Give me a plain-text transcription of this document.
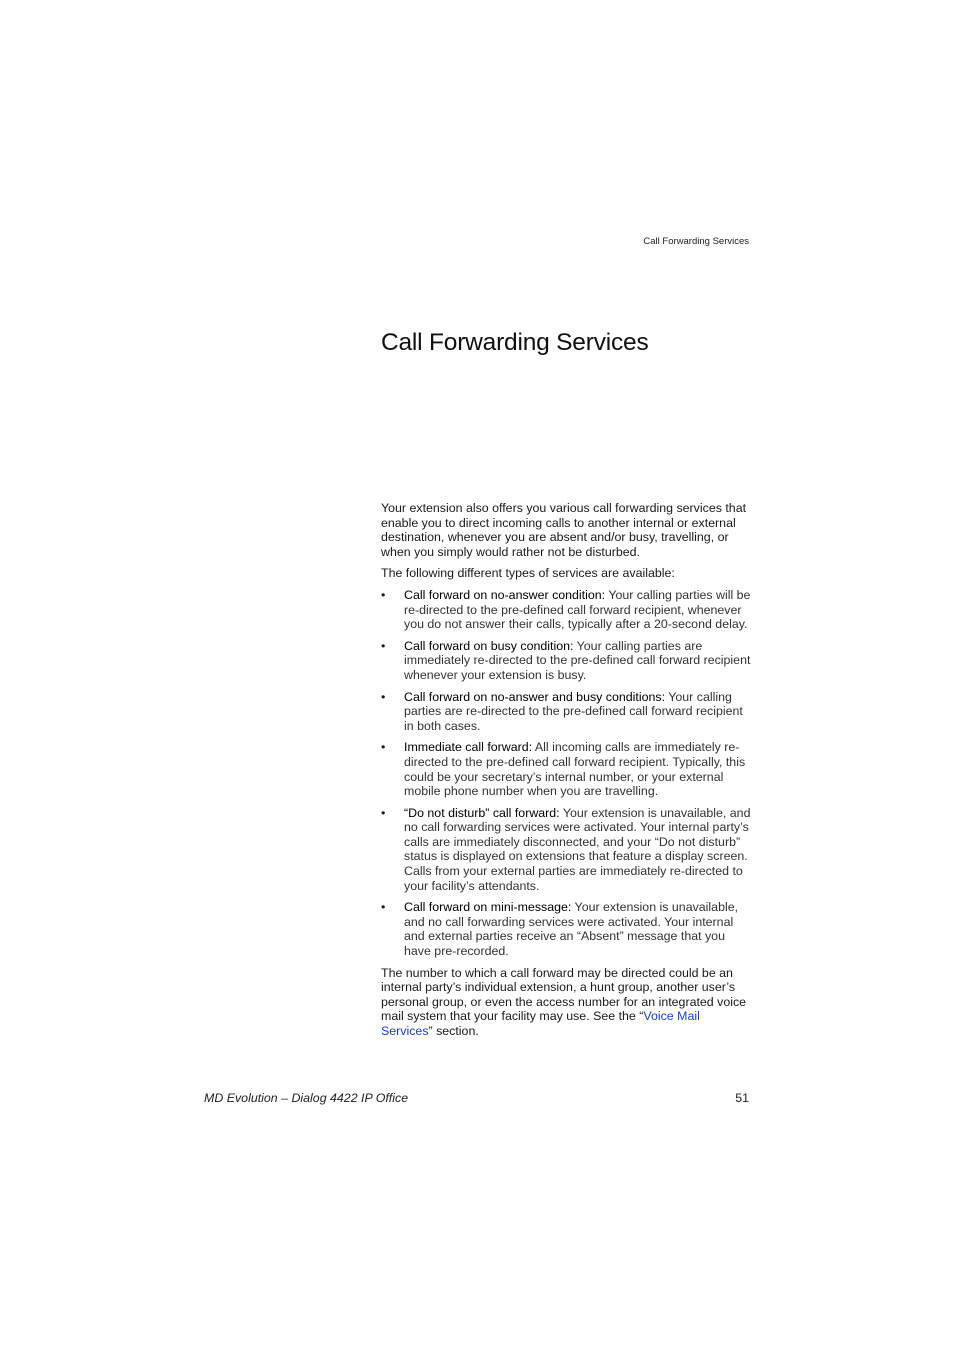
Call Forwarding Services
Call Forwarding Services

Your extension also offers you various call forwarding services that enable you to direct incoming calls to another internal or external destination, whenever you are absent and/or busy, travelling, or when you simply would rather not be disturbed.

The following different types of services are available:

• Call forward on no-answer condition: Your calling parties will be re-directed to the pre-defined call forward recipient, whenever you do not answer their calls, typically after a 20-second delay.
• Call forward on busy condition: Your calling parties are immediately re-directed to the pre-defined call forward recipient whenever your extension is busy.
• Call forward on no-answer and busy conditions: Your calling parties are re-directed to the pre-defined call forward recipient in both cases.
• Immediate call forward: All incoming calls are immediately re-directed to the pre-defined call forward recipient. Typically, this could be your secretary’s internal number, or your external mobile phone number when you are travelling.
• “Do not disturb” call forward: Your extension is unavailable, and no call forwarding services were activated. Your internal party’s calls are immediately disconnected, and your “Do not disturb” status is displayed on extensions that feature a display screen. Calls from your external parties are immediately re-directed to your facility’s attendants.
• Call forward on mini-message: Your extension is unavailable, and no call forwarding services were activated. Your internal and external parties receive an “Absent” message that you have pre-recorded.

The number to which a call forward may be directed could be an internal party’s individual extension, a hunt group, another user’s personal group, or even the access number for an integrated voice mail system that your facility may use. See the “Voice Mail Services” section.

MD Evolution – Dialog 4422 IP Office	51
